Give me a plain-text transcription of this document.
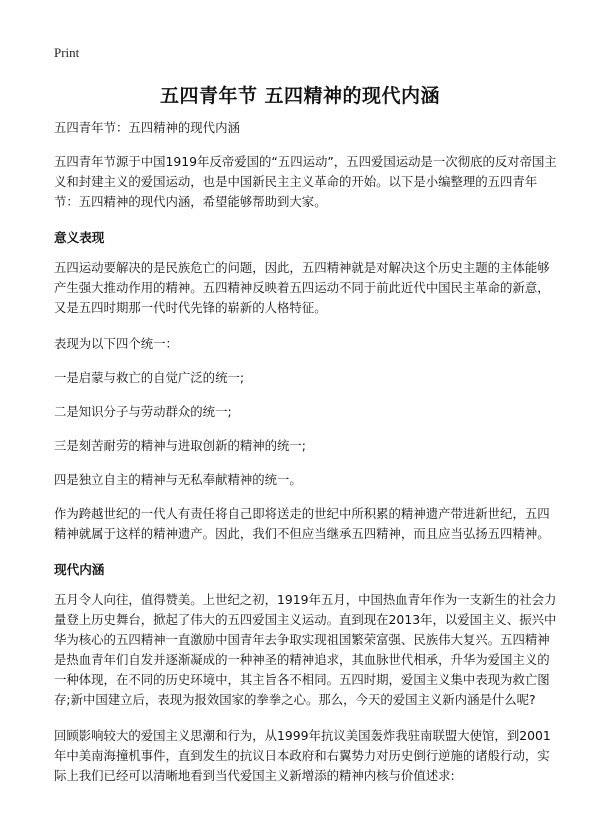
Print
五四青年节 五四精神的现代内涵

五四青年节：五四精神的现代内涵

五四青年节源于中国1919年反帝爱国的“五四运动”，五四爱国运动是一次彻底的反对帝国主义和封建主义的爱国运动，也是中国新民主主义革命的开始。以下是小编整理的五四青年节：五四精神的现代内涵，希望能够帮助到大家。

意义表现

五四运动要解决的是民族危亡的问题，因此，五四精神就是对解决这个历史主题的主体能够产生强大推动作用的精神。五四精神反映着五四运动不同于前此近代中国民主革命的新意，又是五四时期那一代时代先锋的崭新的人格特征。

表现为以下四个统一：

一是启蒙与救亡的自觉广泛的统一;

二是知识分子与劳动群众的统一;

三是刻苦耐劳的精神与进取创新的精神的统一;

四是独立自主的精神与无私奉献精神的统一。

作为跨越世纪的一代人有责任将自己即将送走的世纪中所积累的精神遗产带进新世纪，五四精神就属于这样的精神遗产。因此，我们不但应当继承五四精神，而且应当弘扬五四精神。

现代内涵

五月令人向往，值得赞美。上世纪之初，1919年五月，中国热血青年作为一支新生的社会力量登上历史舞台，掀起了伟大的五四爱国主义运动。直到现在2013年，以爱国主义、振兴中华为核心的五四精神一直激励中国青年去争取实现祖国繁荣富强、民族伟大复兴。五四精神是热血青年们自发并逐渐凝成的一种神圣的精神追求，其血脉世代相承，升华为爱国主义的一种体现，在不同的历史环境中，其主旨各不相同。五四时期，爱国主义集中表现为救亡图存;新中国建立后，表现为报效国家的拳拳之心。那么，今天的爱国主义新内涵是什么呢?

回顾影响较大的爱国主义思潮和行为，从1999年抗议美国轰炸我驻南联盟大使馆，到2001年中美南海撞机事件，直到发生的抗议日本政府和右翼势力对历史倒行逆施的诸般行动，实际上我们已经可以清晰地看到当代爱国主义新增添的精神内核与价值述求:
